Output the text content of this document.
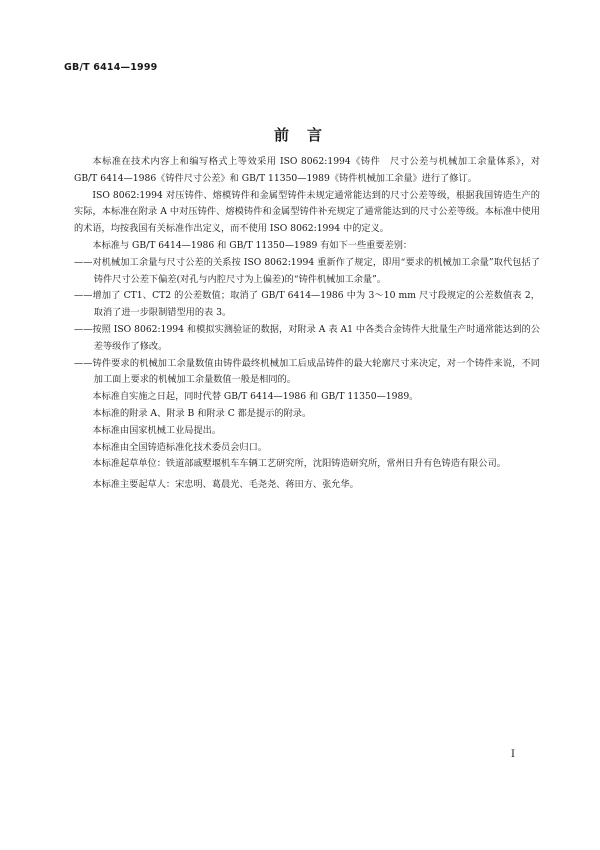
GB/T 6414—1999
前言

本标准在技术内容上和编写格式上等效采用 ISO 8062:1994《铸件　尺寸公差与机械加工余量体系》，对 GB/T 6414—1986《铸件尺寸公差》和 GB/T 11350—1989《铸件机械加工余量》进行了修订。

ISO 8062:1994 对压铸件、熔模铸件和金属型铸件未规定通常能达到的尺寸公差等级，根据我国铸造生产的实际，本标准在附录 A 中对压铸件、熔模铸件和金属型铸件补充规定了通常能达到的尺寸公差等级。本标准中使用的术语，均按我国有关标准作出定义，而不使用 ISO 8062:1994 中的定义。

本标准与 GB/T 6414—1986 和 GB/T 11350—1989 有如下一些重要差别：

——对机械加工余量与尺寸公差的关系按 ISO 8062:1994 重新作了规定，即用“要求的机械加工余量”取代包括了铸件尺寸公差下偏差(对孔与内腔尺寸为上偏差)的“铸件机械加工余量”。

——增加了 CT1、CT2 的公差数值；取消了 GB/T 6414—1986 中为 3～10 mm 尺寸段规定的公差数值表 2，取消了进一步限制错型用的表 3。

——按照 ISO 8062:1994 和模拟实测验证的数据，对附录 A 表 A1 中各类合金铸件大批量生产时通常能达到的公差等级作了修改。

——铸件要求的机械加工余量数值由铸件最终机械加工后成品铸件的最大轮廓尺寸来决定，对一个铸件来说，不同加工面上要求的机械加工余量数值一般是相同的。

本标准自实施之日起，同时代替 GB/T 6414—1986 和 GB/T 11350—1989。

本标准的附录 A、附录 B 和附录 C 都是提示的附录。

本标准由国家机械工业局提出。

本标准由全国铸造标准化技术委员会归口。

本标准起草单位：铁道部戚墅堰机车车辆工艺研究所，沈阳铸造研究所，常州日升有色铸造有限公司。

本标准主要起草人：宋忠明、葛晨光、毛尧尧、蒋田方、张允华。

I
